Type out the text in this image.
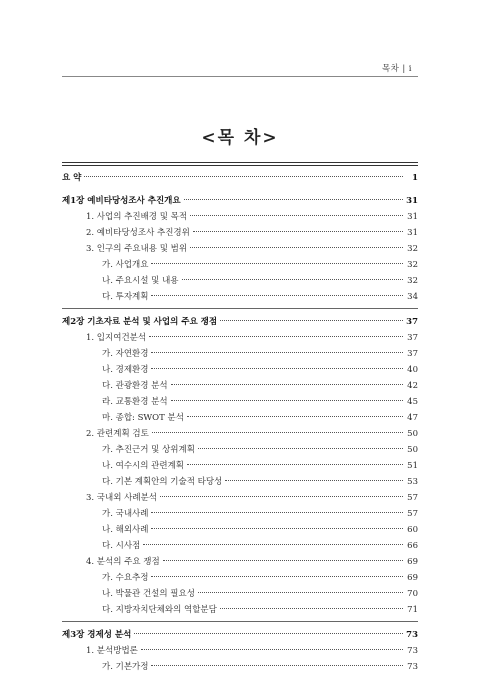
목차 | i
<목 차>
요 약	1
제1장 예비타당성조사 추진개요	31
1. 사업의 추진배경 및 목적	31
2. 예비타당성조사 추진경위	31
3. 인구의 주요내용 및 범위	32
가. 사업개요	32
나. 주요시설 및 내용	32
다. 투자계획	34
제2장 기초자료 분석 및 사업의 주요 쟁점	37
1. 입지여건분석	37
가. 자연환경	37
나. 경제환경	40
다. 관광환경 분석	42
라. 교통환경 분석	45
마. 종합: SWOT 분석	47
2. 관련계획 검토	50
가. 추진근거 및 상위계획	50
나. 여수시의 관련계획	51
다. 기본 계획안의 기술적 타당성	53
3. 국내외 사례분석	57
가. 국내사례	57
나. 해외사례	60
다. 시사점	66
4. 분석의 주요 쟁점	69
가. 수요추정	69
나. 박물관 건설의 필요성	70
다. 지방자치단체와의 역할분담	71
제3장 경제성 분석	73
1. 분석방법론	73
가. 기본가정	73
